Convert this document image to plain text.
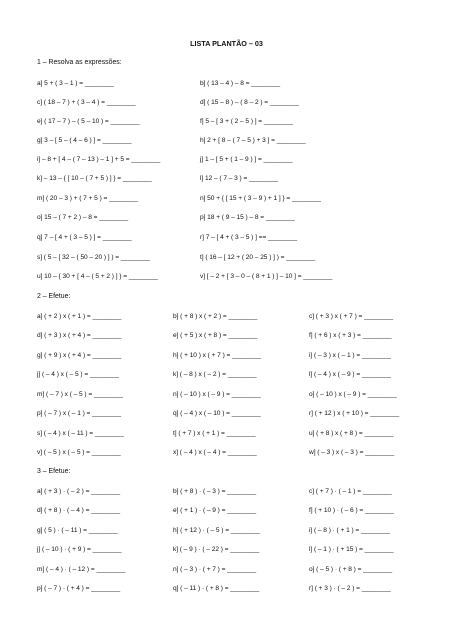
LISTA PLANTÃO – 03
1 – Resolva as expressões:
a] 5 + ( 3 – 1 ) = ________	b] ( 13 – 4 ) – 8 = ________
c] ( 18 – 7 ) + ( 3 – 4 ) = ________	d] ( 15 – 8 ) – ( 8 – 2 ) = ________
e] ( 17 – 7 ) – ( 5 – 10 ) = ________	f] 5 – [ 3 + ( 2 – 5 ) ] = ________
g] 3 – [ 5 – ( 4 – 6 ) ] = ________	h] 2 + [ 8 – ( 7 – 5 ) + 3 ] = ________
i] – 8 + [ 4 – ( 7 – 13 ) – 1 ] + 5 = ________	j] 1 – [ 5 + ( 1 – 9 ) ] = ________
k] – 13 – { [ 10 – ( 7 + 5 ) ] } = ________	l] 12 – ( 7 – 3 ) = ________
m] ( 20 – 3 ) + ( 7 + 5 ) = ________	n] 50 + { [ 15 + ( 3 – 9 ) + 1 ] } = ________
o] 15 – ( 7 + 2 ) – 8 = ________	p] 18 + ( 9 – 15 ) – 8 = ________
q] 7 – [ 4 + ( 3 – 5 ) ] = ________	r] 7 – [ 4 + ( 3 – 5 ) ] == ________
s] ( 5 – [ 32 – ( 50 – 20 ) ] ) = ________	t] ( 16 – [ 12 + ( 20 – 25 ) ] ) = ________
u] 10 – { 30 + [ 4 – ( 5 + 2 ) ] } = ________	v] [ – 2 + [ 3 – 0 – ( 8 + 1 ) ] – 10 ] = ________
2 – Efetue:
a] ( + 2 ) x ( + 1 ) = ________	b] ( + 8 ) x ( + 2 ) = ________	c] ( + 3 ) x ( + 7 ) = ________
d] ( + 3 ) x ( + 4 ) = ________	e] ( + 5 ) x ( + 8 ) = ________	f] ( + 6 ) x ( + 3 ) = ________
g] ( + 9 ) x ( + 4 ) = ________	h] ( + 10 ) x ( + 7 ) = ________	i] ( – 3 ) x ( – 1 ) = ________
j] ( – 4 ) x ( – 5 ) = ________	k] ( – 8 ) x ( – 2 ) = ________	l] ( – 4 ) x ( – 9 ) = ________
m] ( – 7 ) x ( – 5 ) = ________	n] ( – 10 ) x ( – 9 ) = ________	o] ( – 10 ) x ( – 9 ) = ________
p] ( – 7 ) x ( – 1 ) = ________	q] ( – 4 ) x ( – 10 ) = ________	r] ( + 12 ) x ( + 10 ) = ________
s] ( – 4 ) x ( – 11 ) = ________	t] ( + 7 ) x ( + 1 ) = ________	u] ( + 8 ) x ( + 8 ) = ________
v] ( – 5 ) x ( – 5 ) = ________	x] ( – 4 ) x ( – 4 ) = ________	w] ( – 3 ) x ( – 3 ) = ________
3 – Efetue:
a] ( + 3 ) · ( – 2 ) = ________	b] ( + 8 ) · ( – 3 ) = ________	c] ( + 7 ) · ( – 1 ) = ________
d] ( + 8 ) · ( – 4 ) = ________	e] ( + 1 ) · ( – 9 ) = ________	f] ( + 10 ) · ( – 6 ) = ________
g] ( 5 ) · ( – 11 ) = ________	h] ( + 12 ) · ( – 5 ) = ________	i] ( – 8 ) · ( + 1 ) = ________
j] ( – 10 ) · ( + 9 ) = ________	k] ( – 9 ) · ( – 22 ) = ________	l] ( – 1 ) · ( + 15 ) = ________
m] ( – 4 ) · ( – 12 ) = ________	n] ( – 3 ) · ( + 7 ) = ________	o] ( – 5 ) · ( + 8 ) = ________
p] ( – 7 ) · ( + 4 ) = ________	q] ( – 11 ) · ( + 8 ) = ________	r] ( + 3 ) · ( – 2 ) = ________
